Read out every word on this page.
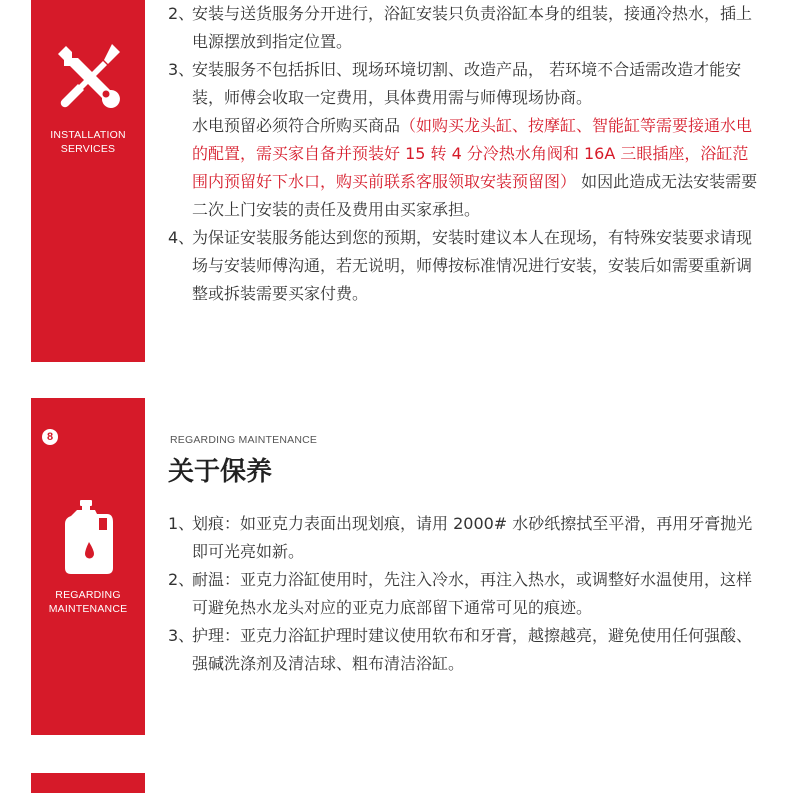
INSTALLATION
SERVICES
2、
安装与送货服务分开进行，浴缸安装只负责浴缸本身的组装，接通冷热水，插上电源摆放到指定位置。
3、
安装服务不包括拆旧、现场环境切割、改造产品， 若环境不合适需改造才能安装，师傅会收取一定费用，具体费用需与师傅现场协商。
水电预留必须符合所购买商品（如购买龙头缸、按摩缸、智能缸等需要接通水电的配置，需买家自备并预装好 15 转 4 分冷热水角阀和 16A 三眼插座，浴缸范围内预留好下水口，购买前联系客服领取安装预留图） 如因此造成无法安装需要二次上门安装的责任及费用由买家承担。
4、
为保证安装服务能达到您的预期，安装时建议本人在现场，有特殊安装要求请现场与安装师傅沟通，若无说明，师傅按标准情况进行安装，安装后如需要重新调整或拆装需要买家付费。
8
REGARDING
MAINTENANCE
REGARDING MAINTENANCE
关于保养
1、
划痕：如亚克力表面出现划痕，请用 2000# 水砂纸擦拭至平滑，再用牙膏抛光即可光亮如新。
2、
耐温：亚克力浴缸使用时，先注入冷水，再注入热水，或调整好水温使用，这样可避免热水龙头对应的亚克力底部留下通常可见的痕迹。
3、
护理：亚克力浴缸护理时建议使用软布和牙膏，越擦越亮，避免使用任何强酸、强碱洗涤剂及清洁球、粗布清洁浴缸。
